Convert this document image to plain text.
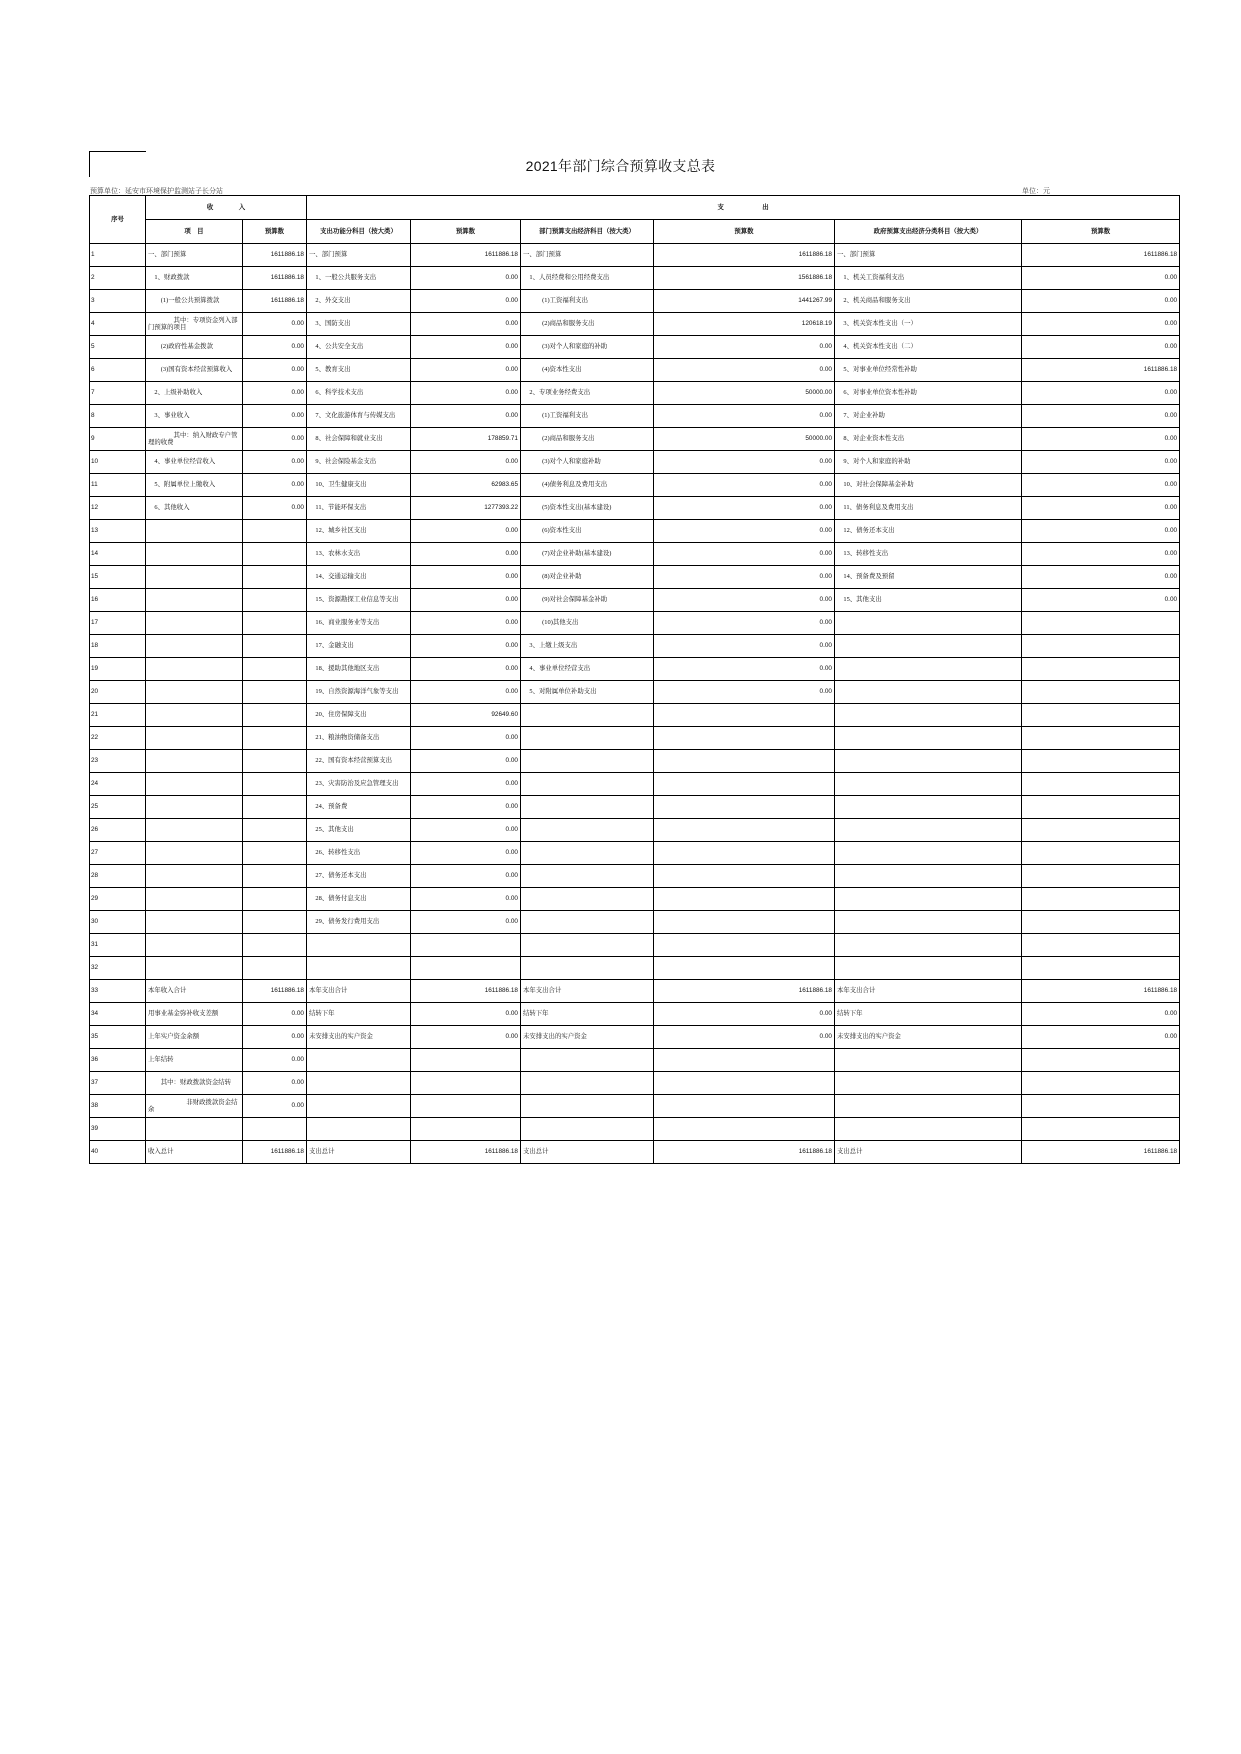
2021年部门综合预算收支总表
预算单位：延安市环境保护监测站子长分站	单位：元
序号	收　　　　入		支　　　　　　出					
	项　目	预算数	支出功能分科目（按大类）	预算数	部门预算支出经济科目（按大类）	预算数	政府预算支出经济分类科目（按大类）	预算数
1	一、部门预算	1611886.18	一、部门预算	1611886.18	一、部门预算	1611886.18	一、部门预算	1611886.18
2	　1、财政拨款	1611886.18	　1、一般公共服务支出	0.00	　1、人员经费和公用经费支出	1561886.18	　1、机关工资福利支出	0.00
3	　　(1)一般公共预算拨款	1611886.18	　2、外交支出	0.00	　　　(1)工资福利支出	1441267.99	　2、机关商品和服务支出	0.00
4	　　　　其中：专项资金列入部门预算的项目	0.00	　3、国防支出	0.00	　　　(2)商品和服务支出	120618.19	　3、机关资本性支出（一）	0.00
5	　　(2)政府性基金拨款	0.00	　4、公共安全支出	0.00	　　　(3)对个人和家庭的补助	0.00	　4、机关资本性支出（二）	0.00
6	　　(3)国有资本经营预算收入	0.00	　5、教育支出	0.00	　　　(4)资本性支出	0.00	　5、对事业单位经常性补助	1611886.18
7	　2、上级补助收入	0.00	　6、科学技术支出	0.00	　2、专项业务经费支出	50000.00	　6、对事业单位资本性补助	0.00
8	　3、事业收入	0.00	　7、文化旅游体育与传媒支出	0.00	　　　(1)工资福利支出	0.00	　7、对企业补助	0.00
9	　　　　其中：纳入财政专户管理的收费	0.00	　8、社会保障和就业支出	178859.71	　　　(2)商品和服务支出	50000.00	　8、对企业资本性支出	0.00
10	　4、事业单位经营收入	0.00	　9、社会保险基金支出	0.00	　　　(3)对个人和家庭补助	0.00	　9、对个人和家庭的补助	0.00
11	　5、附属单位上缴收入	0.00	　10、卫生健康支出	62983.65	　　　(4)债务利息及费用支出	0.00	　10、对社会保障基金补助	0.00
12	　6、其他收入	0.00	　11、节能环保支出	1277393.22	　　　(5)资本性支出(基本建设)	0.00	　11、债务利息及费用支出	0.00
13			　12、城乡社区支出	0.00	　　　(6)资本性支出	0.00	　12、债务还本支出	0.00
14			　13、农林水支出	0.00	　　　(7)对企业补助(基本建设)	0.00	　13、转移性支出	0.00
15			　14、交通运输支出	0.00	　　　(8)对企业补助	0.00	　14、预备费及预留	0.00
16			　15、资源勘探工业信息等支出	0.00	　　　(9)对社会保障基金补助	0.00	　15、其他支出	0.00
17			　16、商业服务业等支出	0.00	　　　(10)其他支出	0.00		
18			　17、金融支出	0.00	　3、上缴上级支出	0.00		
19			　18、援助其他地区支出	0.00	　4、事业单位经营支出	0.00		
20			　19、自然资源海洋气象等支出	0.00	　5、对附属单位补助支出	0.00		
21			　20、住房保障支出	92649.60				
22			　21、粮油物资储备支出	0.00				
23			　22、国有资本经营预算支出	0.00				
24			　23、灾害防治及应急管理支出	0.00				
25			　24、预备费	0.00				
26			　25、其他支出	0.00				
27			　26、转移性支出	0.00				
28			　27、债务还本支出	0.00				
29			　28、债务付息支出	0.00				
30			　29、债务发行费用支出	0.00				
31								
32								
33	本年收入合计	1611886.18	本年支出合计	1611886.18	本年支出合计	1611886.18	本年支出合计	1611886.18
34	用事业基金弥补收支差额	0.00	结转下年	0.00	结转下年	0.00	结转下年	0.00
35	上年实户资金余额	0.00	未安排支出的实户资金	0.00	未安排支出的实户资金	0.00	未安排支出的实户资金	0.00
36	上年结转	0.00						
37	　　其中：财政拨款资金结转	0.00						
38	　　　　　　非财政拨款资金结余	0.00						
39								
40	收入总计	1611886.18	支出总计	1611886.18	支出总计	1611886.18	支出总计	1611886.18
